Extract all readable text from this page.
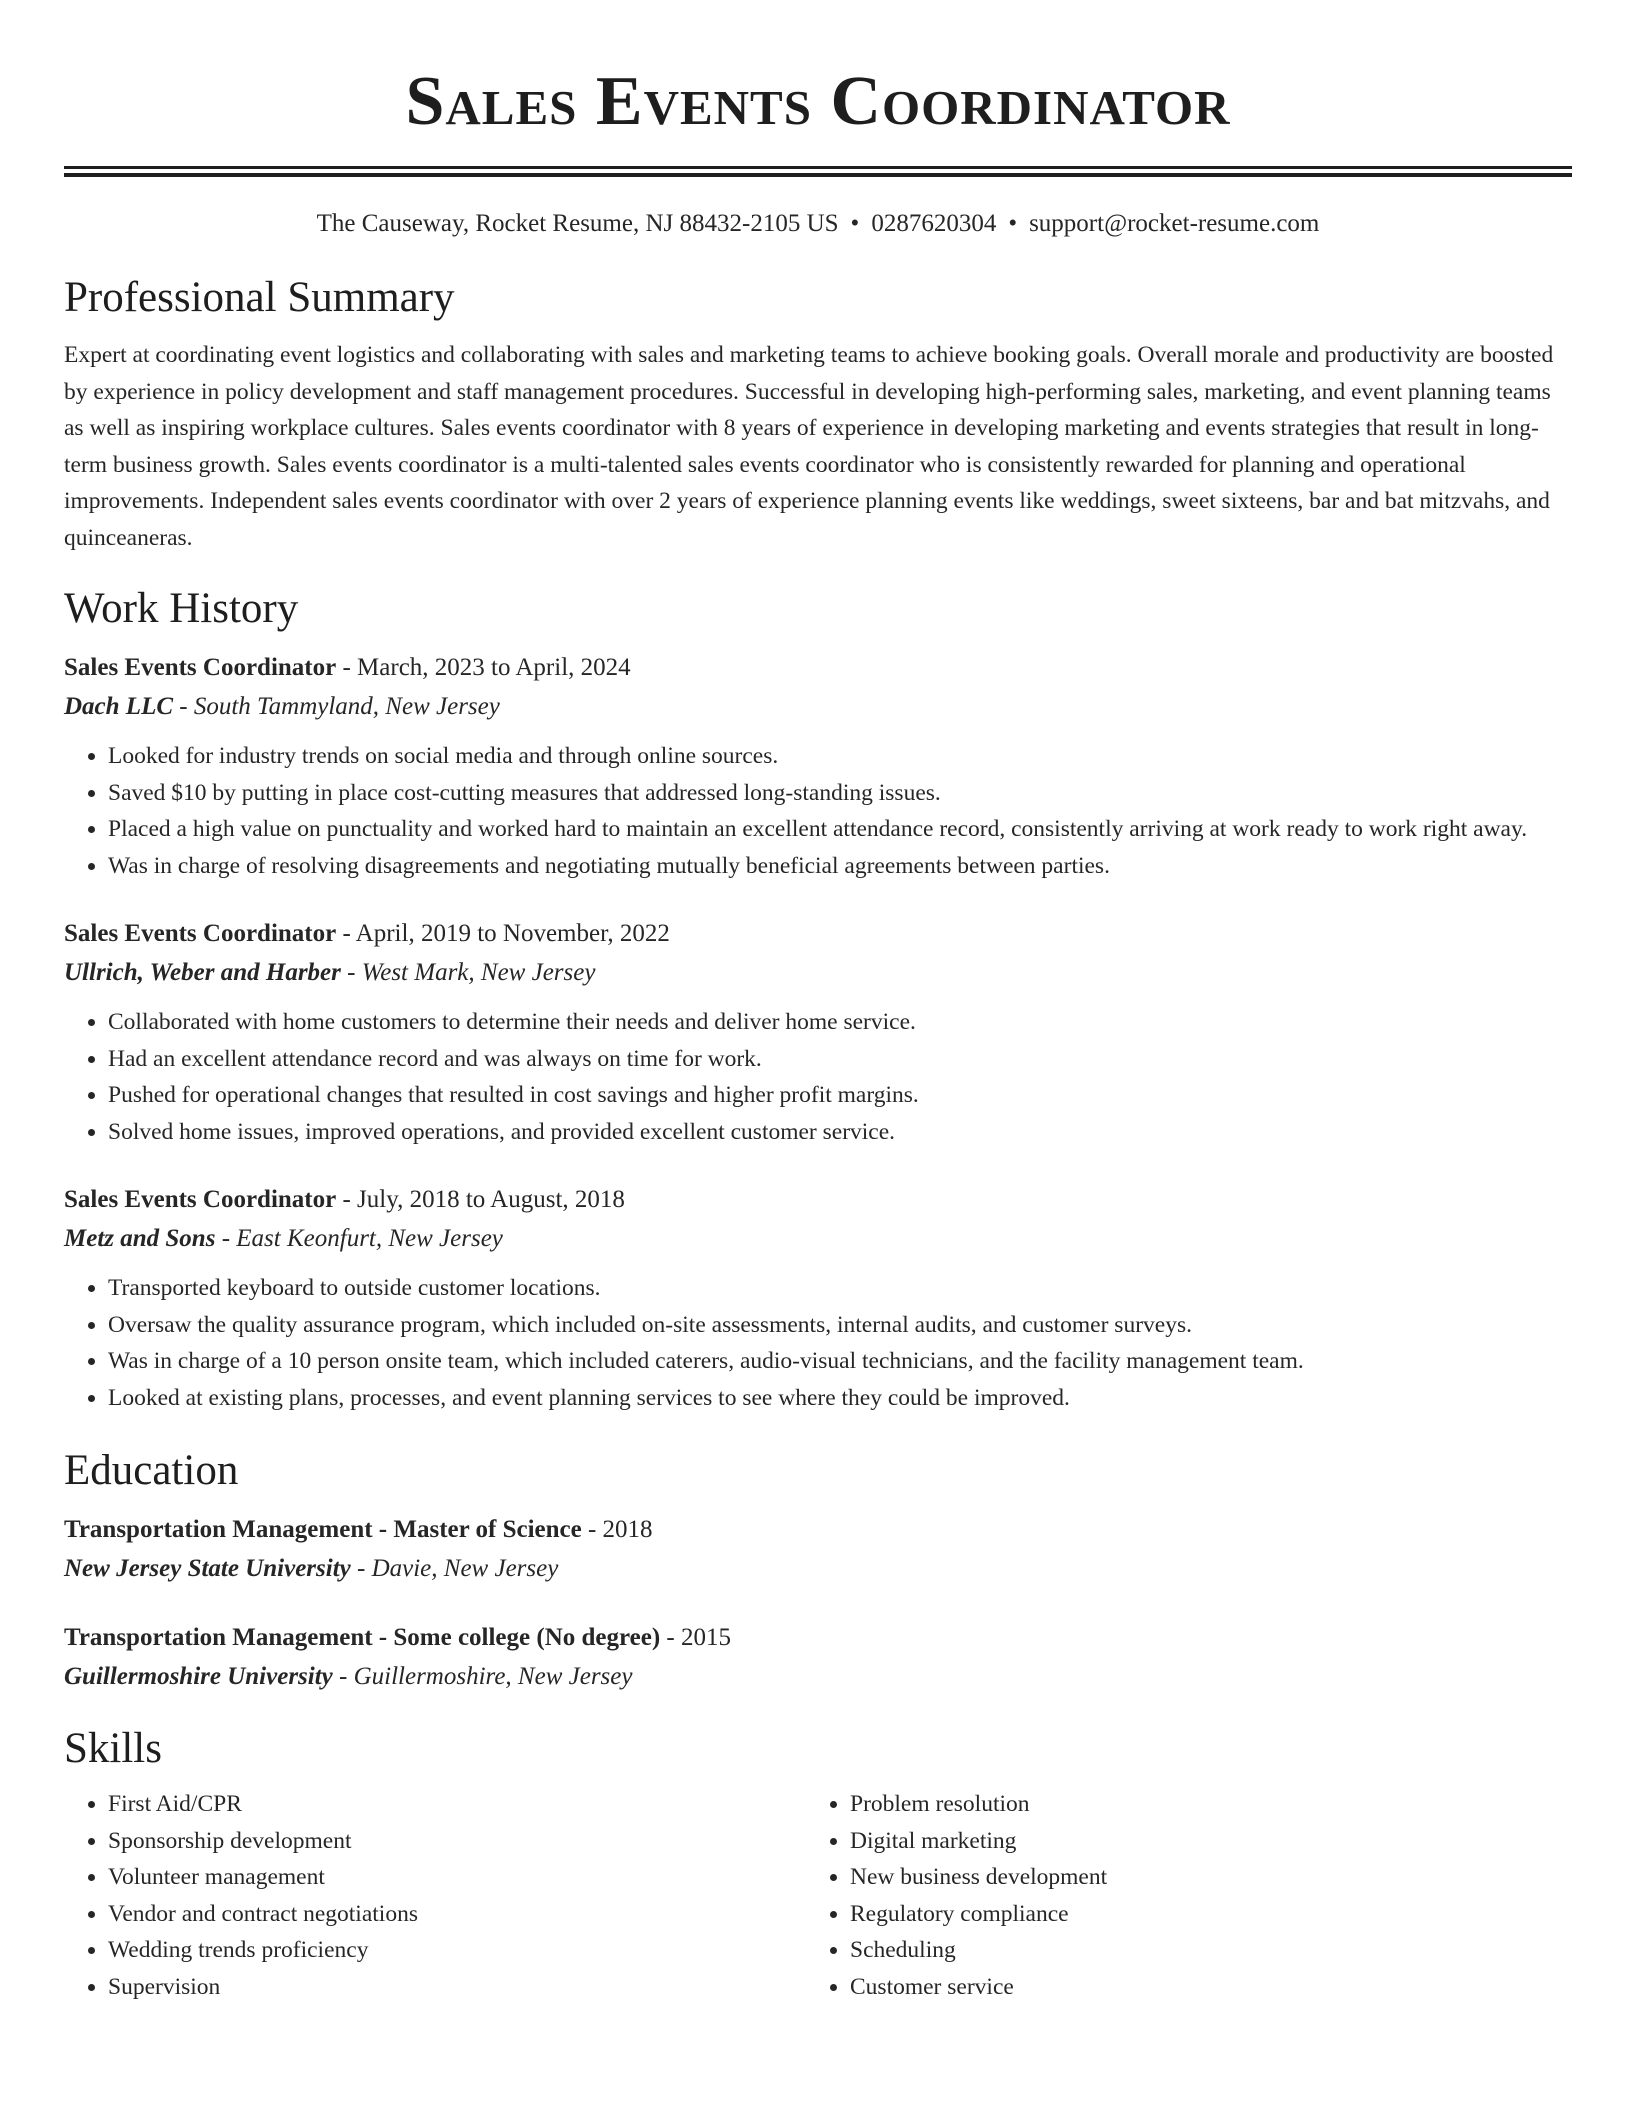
Sales Events Coordinator
The Causeway, Rocket Resume, NJ 88432-2105 US • 0287620304 • support@rocket-resume.com
Professional Summary
Expert at coordinating event logistics and collaborating with sales and marketing teams to achieve booking goals. Overall morale and productivity are boosted by experience in policy development and staff management procedures. Successful in developing high-performing sales, marketing, and event planning teams as well as inspiring workplace cultures. Sales events coordinator with 8 years of experience in developing marketing and events strategies that result in long-term business growth. Sales events coordinator is a multi-talented sales events coordinator who is consistently rewarded for planning and operational improvements. Independent sales events coordinator with over 2 years of experience planning events like weddings, sweet sixteens, bar and bat mitzvahs, and quinceaneras.
Work History
Sales Events Coordinator - March, 2023 to April, 2024
Dach LLC - South Tammyland, New Jersey
• Looked for industry trends on social media and through online sources.
• Saved $10 by putting in place cost-cutting measures that addressed long-standing issues.
• Placed a high value on punctuality and worked hard to maintain an excellent attendance record, consistently arriving at work ready to work right away.
• Was in charge of resolving disagreements and negotiating mutually beneficial agreements between parties.
Sales Events Coordinator - April, 2019 to November, 2022
Ullrich, Weber and Harber - West Mark, New Jersey
• Collaborated with home customers to determine their needs and deliver home service.
• Had an excellent attendance record and was always on time for work.
• Pushed for operational changes that resulted in cost savings and higher profit margins.
• Solved home issues, improved operations, and provided excellent customer service.
Sales Events Coordinator - July, 2018 to August, 2018
Metz and Sons - East Keonfurt, New Jersey
• Transported keyboard to outside customer locations.
• Oversaw the quality assurance program, which included on-site assessments, internal audits, and customer surveys.
• Was in charge of a 10 person onsite team, which included caterers, audio-visual technicians, and the facility management team.
• Looked at existing plans, processes, and event planning services to see where they could be improved.
Education
Transportation Management - Master of Science - 2018
New Jersey State University - Davie, New Jersey
Transportation Management - Some college (No degree) - 2015
Guillermoshire University - Guillermoshire, New Jersey
Skills
• First Aid/CPR
• Sponsorship development
• Volunteer management
• Vendor and contract negotiations
• Wedding trends proficiency
• Supervision
• Problem resolution
• Digital marketing
• New business development
• Regulatory compliance
• Scheduling
• Customer service
